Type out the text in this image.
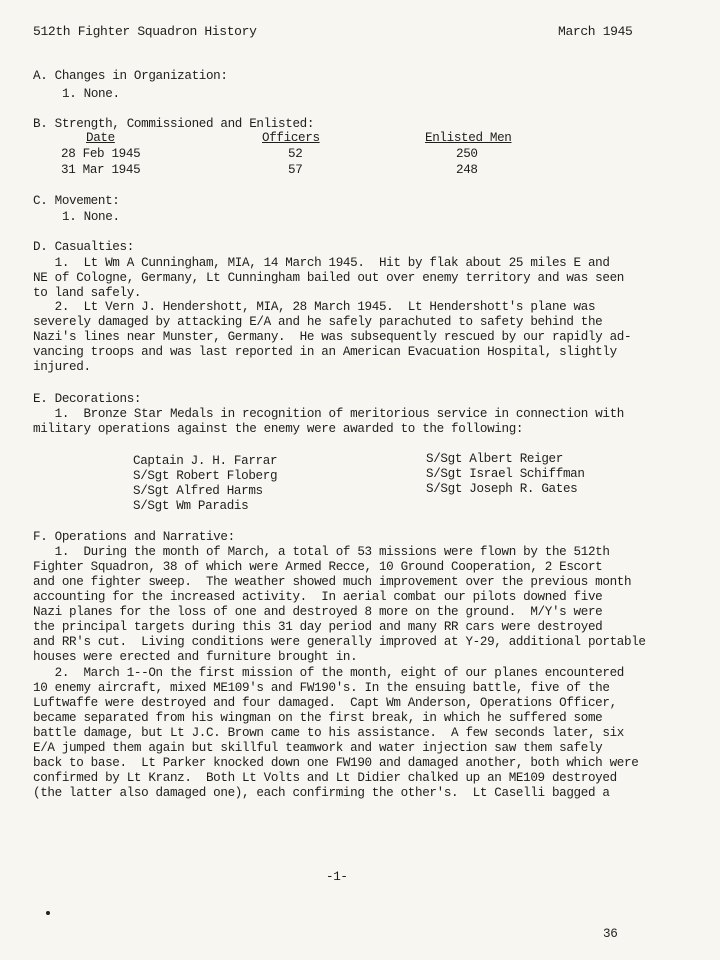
512th Fighter Squadron History	March 1945
A. Changes in Organization:
1. None.
B. Strength, Commissioned and Enlisted:
Date	Officers	Enlisted Men
28 Feb 1945	52	250
31 Mar 1945	57	248
C. Movement:
1. None.
D. Casualties:
1.  Lt Wm A Cunningham, MIA, 14 March 1945.  Hit by flak about 25 miles E and
NE of Cologne, Germany, Lt Cunningham bailed out over enemy territory and was seen
to land safely.
2.  Lt Vern J. Hendershott, MIA, 28 March 1945.  Lt Hendershott's plane was
severely damaged by attacking E/A and he safely parachuted to safety behind the
Nazi's lines near Munster, Germany.  He was subsequently rescued by our rapidly ad-
vancing troops and was last reported in an American Evacuation Hospital, slightly
injured.
E. Decorations:
1.  Bronze Star Medals in recognition of meritorious service in connection with
military operations against the enemy were awarded to the following:
Captain J. H. Farrar
S/Sgt Robert Floberg
S/Sgt Alfred Harms
S/Sgt Wm Paradis
S/Sgt Albert Reiger
S/Sgt Israel Schiffman
S/Sgt Joseph R. Gates
F. Operations and Narrative:
1.  During the month of March, a total of 53 missions were flown by the 512th
Fighter Squadron, 38 of which were Armed Recce, 10 Ground Cooperation, 2 Escort
and one fighter sweep.  The weather showed much improvement over the previous month
accounting for the increased activity.  In aerial combat our pilots downed five
Nazi planes for the loss of one and destroyed 8 more on the ground.  M/Y's were
the principal targets during this 31 day period and many RR cars were destroyed
and RR's cut.  Living conditions were generally improved at Y-29, additional portable
houses were erected and furniture brought in.
2.  March 1--On the first mission of the month, eight of our planes encountered
10 enemy aircraft, mixed ME109's and FW190's. In the ensuing battle, five of the
Luftwaffe were destroyed and four damaged.  Capt Wm Anderson, Operations Officer,
became separated from his wingman on the first break, in which he suffered some
battle damage, but Lt J.C. Brown came to his assistance.  A few seconds later, six
E/A jumped them again but skillful teamwork and water injection saw them safely
back to base.  Lt Parker knocked down one FW190 and damaged another, both which were
confirmed by Lt Kranz.  Both Lt Volts and Lt Didier chalked up an ME109 destroyed
(the latter also damaged one), each confirming the other's.  Lt Caselli bagged a
-1-
36
